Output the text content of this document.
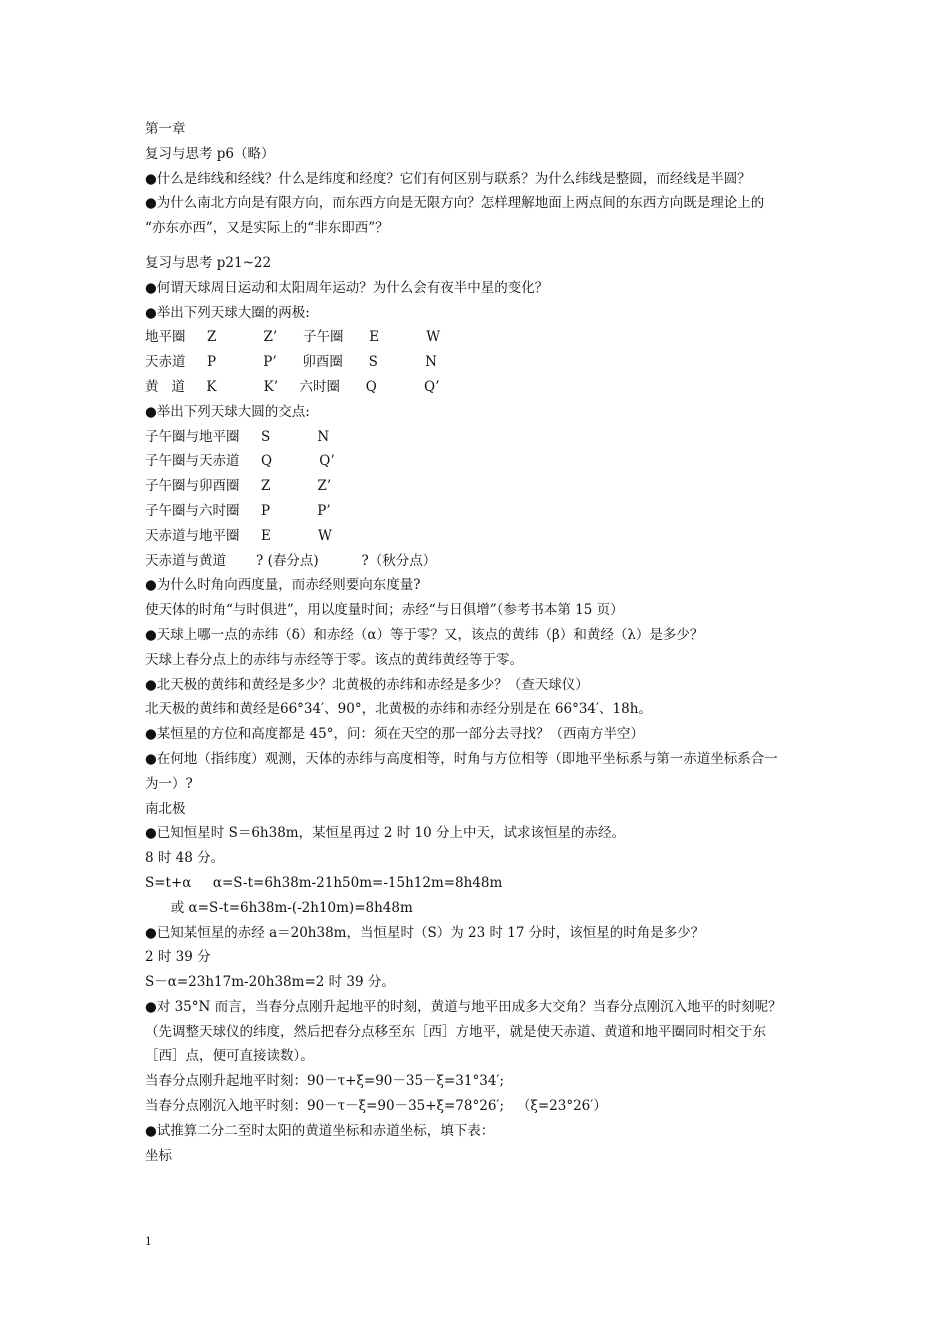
第一章
复习与思考 p6（略）
●什么是纬线和经线？什么是纬度和经度？它们有何区别与联系？为什么纬线是整圆，而经线是半圆？
●为什么南北方向是有限方向，而东西方向是无限方向？怎样理解地面上两点间的东西方向既是理论上的
“亦东亦西”，又是实际上的“非东即西”？
复习与思考 p21~22
●何谓天球周日运动和太阳周年运动？为什么会有夜半中星的变化？
●举出下列天球大圈的两极:
地平圈     Z           Z’      子午圈      E           W
天赤道     P           P’      卯酉圈      S           N
黄   道     K           K’     六时圈      Q           Q’
●举出下列天球大圆的交点:
子午圈与地平圈     S           N
子午圈与天赤道     Q           Q’
子午圈与卯酉圈     Z           Z’
子午圈与六时圈     P           P’
天赤道与地平圈     E           W
天赤道与黄道       ? (春分点)          ?（秋分点）
●为什么时角向西度量，而赤经则要向东度量?
使天体的时角“与时俱进”，用以度量时间；赤经“与日俱增”（参考书本第 15 页）
●天球上哪一点的赤纬（δ）和赤经（α）等于零？又，该点的黄纬（β）和黄经（λ）是多少？
天球上春分点上的赤纬与赤经等于零。该点的黄纬黄经等于零。
●北天极的黄纬和黄经是多少？北黄极的赤纬和赤经是多少？（查天球仪）
北天极的黄纬和黄经是66°34′、90°，北黄极的赤纬和赤经分别是在 66°34′、18h。
●某恒星的方位和高度都是 45°，问：须在天空的那一部分去寻找？（西南方半空）
●在何地（指纬度）观测，天体的赤纬与高度相等，时角与方位相等（即地平坐标系与第一赤道坐标系合一
为一）?
南北极
●已知恒星时 S＝6h38m，某恒星再过 2 时 10 分上中天，试求该恒星的赤经。
8 时 48 分。
S=t+α     α=S-t=6h38m-21h50m=-15h12m=8h48m
或 α=S-t=6h38m-(-2h10m)=8h48m
●已知某恒星的赤经 a＝20h38m，当恒星时（S）为 23 时 17 分时，该恒星的时角是多少？
2 时 39 分
S－α=23h17m-20h38m=2 时 39 分。
●对 35°N 而言，当春分点刚升起地平的时刻，黄道与地平田成多大交角？当春分点刚沉入地平的时刻呢？
（先调整天球仪的纬度，然后把春分点移至东［西］方地平，就是使天赤道、黄道和地平圈同时相交于东
［西］点，便可直接读数）。
当春分点刚升起地平时刻：90－τ+ξ=90－35－ξ=31°34′;
当春分点刚沉入地平时刻：90－τ－ξ=90－35+ξ=78°26′;   （ξ=23°26′）
●试推算二分二至时太阳的黄道坐标和赤道坐标，填下表：
坐标
1
